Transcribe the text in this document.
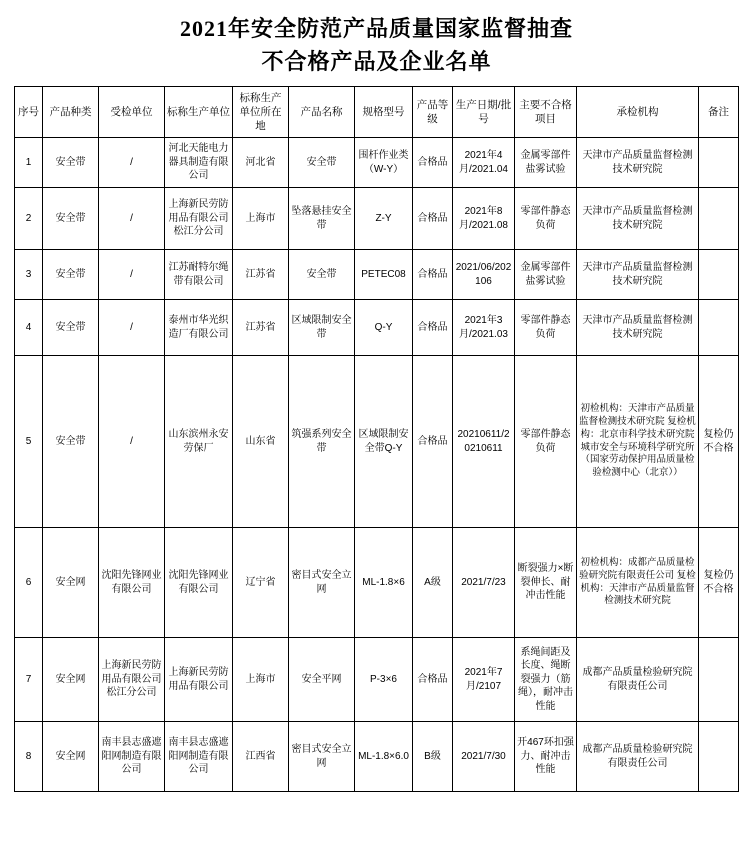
2021年安全防范产品质量国家监督抽查
不合格产品及企业名单
序号	产品种类	受检单位	标称生产单位	标称生产单位所在地	产品名称	规格型号	产品等级	生产日期/批号	主要不合格项目	承检机构	备注
1	安全带	/	河北天能电力器具制造有限公司	河北省	安全带	围杆作业类（W-Y）	合格品	2021年4月/2021.04	金属零部件盐雾试验	天津市产品质量监督检测技术研究院	
2	安全带	/	上海新民劳防用品有限公司松江分公司	上海市	坠落悬挂安全带	Z-Y	合格品	2021年8月/2021.08	零部件静态负荷	天津市产品质量监督检测技术研究院	
3	安全带	/	江苏耐特尔绳带有限公司	江苏省	安全带	PETEC08	合格品	2021/06/202106	金属零部件盐雾试验	天津市产品质量监督检测技术研究院	
4	安全带	/	泰州市华光织造厂有限公司	江苏省	区域限制安全带	Q-Y	合格品	2021年3月/2021.03	零部件静态负荷	天津市产品质量监督检测技术研究院	
5	安全带	/	山东滨州永安劳保厂	山东省	筑强系列安全带	区域限制安全带Q-Y	合格品	20210611/20210611	零部件静态负荷	初检机构：天津市产品质量监督检测技术研究院 复检机构：北京市科学技术研究院城市安全与环境科学研究所（国家劳动保护用品质量检验检测中心（北京））	复检仍不合格
6	安全网	沈阳先锋网业有限公司	沈阳先锋网业有限公司	辽宁省	密目式安全立网	ML-1.8×6	A级	2021/7/23	断裂强力×断裂伸长、耐冲击性能	初检机构：成都产品质量检验研究院有限责任公司 复检机构：天津市产品质量监督检测技术研究院	复检仍不合格
7	安全网	上海新民劳防用品有限公司松江分公司	上海新民劳防用品有限公司	上海市	安全平网	P-3×6	合格品	2021年7月/2107	系绳间距及长度、绳断裂强力（筋绳），耐冲击性能	成都产品质量检验研究院有限责任公司	
8	安全网	南丰县志盛遮阳网制造有限公司	南丰县志盛遮阳网制造有限公司	江西省	密目式安全立网	ML-1.8×6.0	B级	2021/7/30	开467环扣强力、耐冲击性能	成都产品质量检验研究院有限责任公司	
